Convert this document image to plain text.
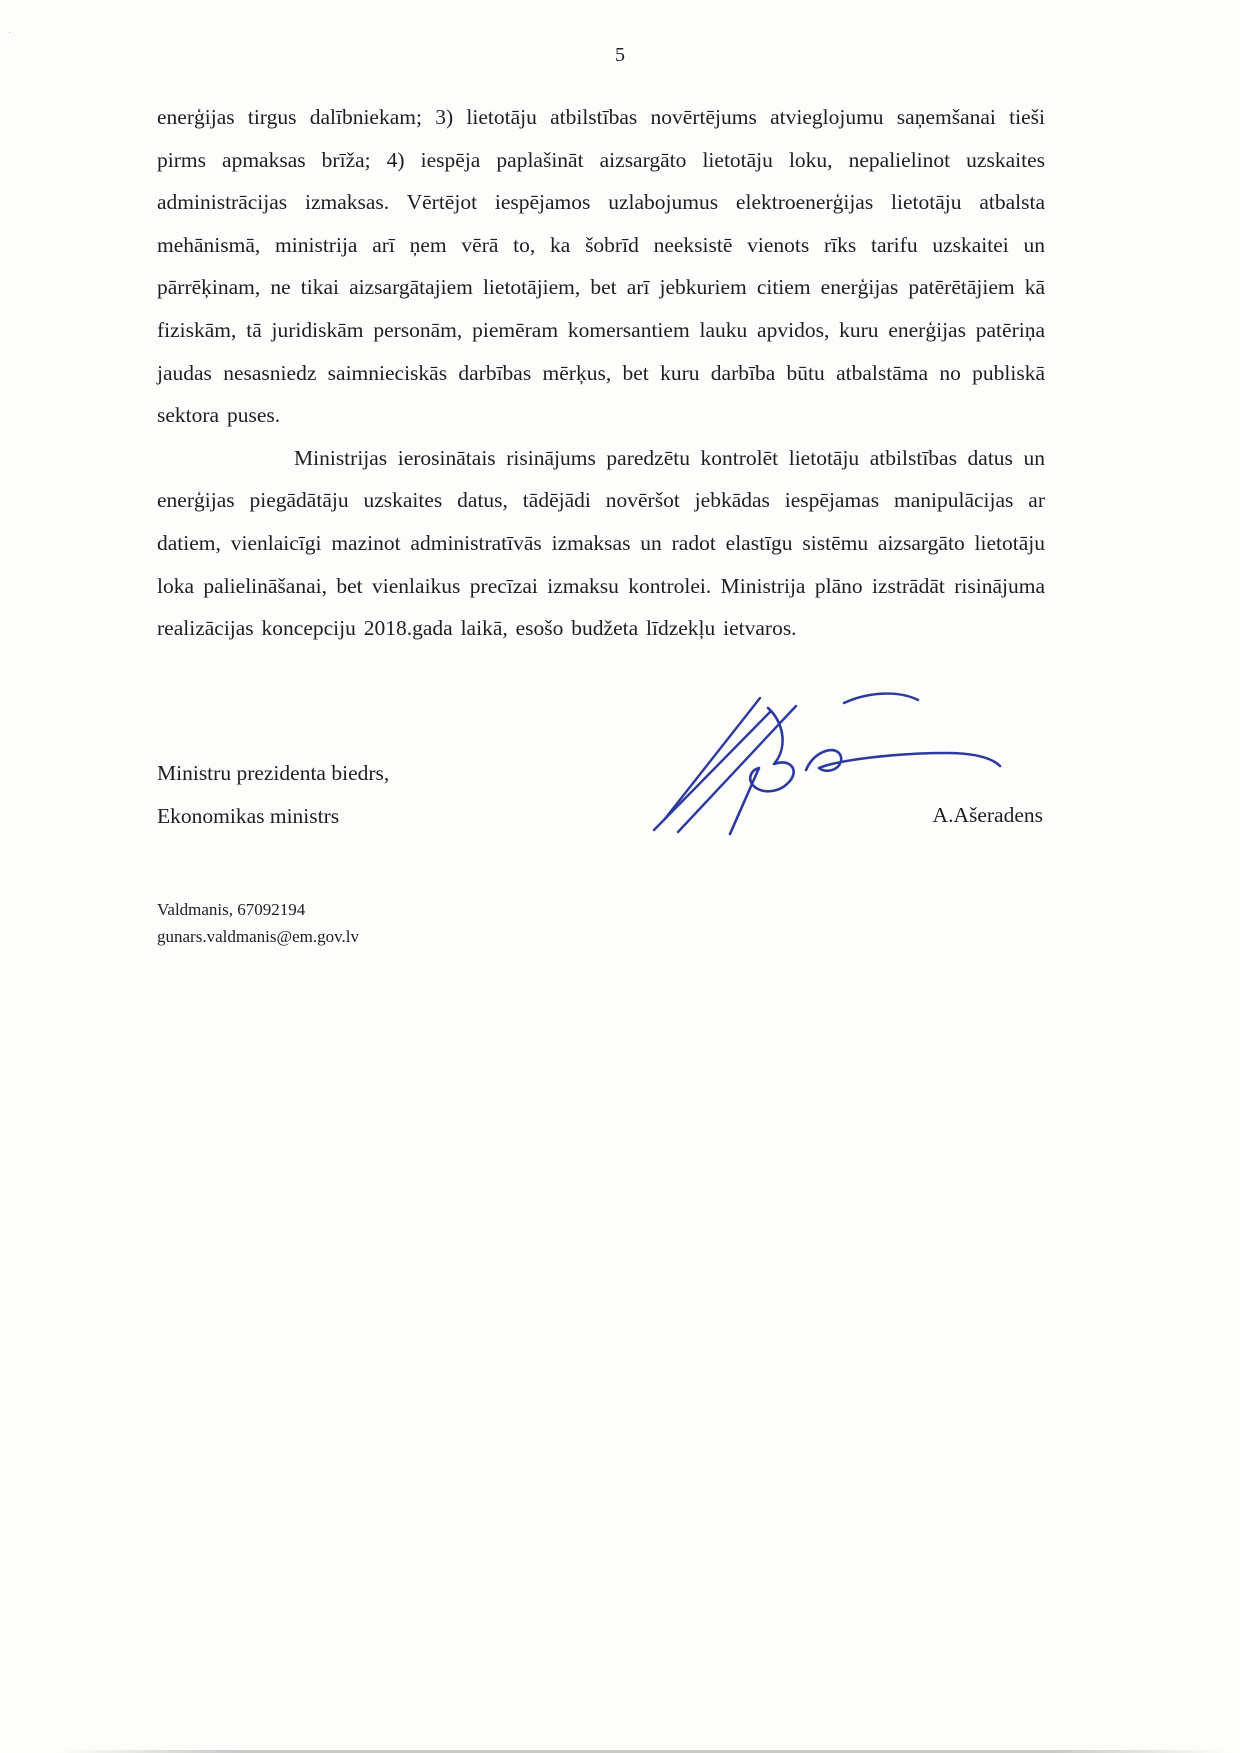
·
5

enerģijas tirgus dalībniekam; 3) lietotāju atbilstības novērtējums atvieglojumu saņemšanai tieši pirms apmaksas brīža; 4) iespēja paplašināt aizsargāto lietotāju loku, nepalielinot uzskaites administrācijas izmaksas. Vērtējot iespējamos uzlabojumus elektroenerģijas lietotāju atbalsta mehānismā, ministrija arī ņem vērā to, ka šobrīd neeksistē vienots rīks tarifu uzskaitei un pārrēķinam, ne tikai aizsargātajiem lietotājiem, bet arī jebkuriem citiem enerģijas patērētājiem kā fiziskām, tā juridiskām personām, piemēram komersantiem lauku apvidos, kuru enerģijas patēriņa jaudas nesasniedz saimnieciskās darbības mērķus, bet kuru darbība būtu atbalstāma no publiskā sektora puses.

Ministrijas ierosinātais risinājums paredzētu kontrolēt lietotāju atbilstības datus un enerģijas piegādātāju uzskaites datus, tādējādi novēršot jebkādas iespējamas manipulācijas ar datiem, vienlaicīgi mazinot administratīvās izmaksas un radot elastīgu sistēmu aizsargāto lietotāju loka palielināšanai, bet vienlaikus precīzai izmaksu kontrolei. Ministrija plāno izstrādāt risinājuma realizācijas koncepciju 2018.gada laikā, esošo budžeta līdzekļu ietvaros.

Ministru prezidenta biedrs,
Ekonomikas ministrs	A.Ašeradens
Valdmanis, 67092194
gunars.valdmanis@em.gov.lv
